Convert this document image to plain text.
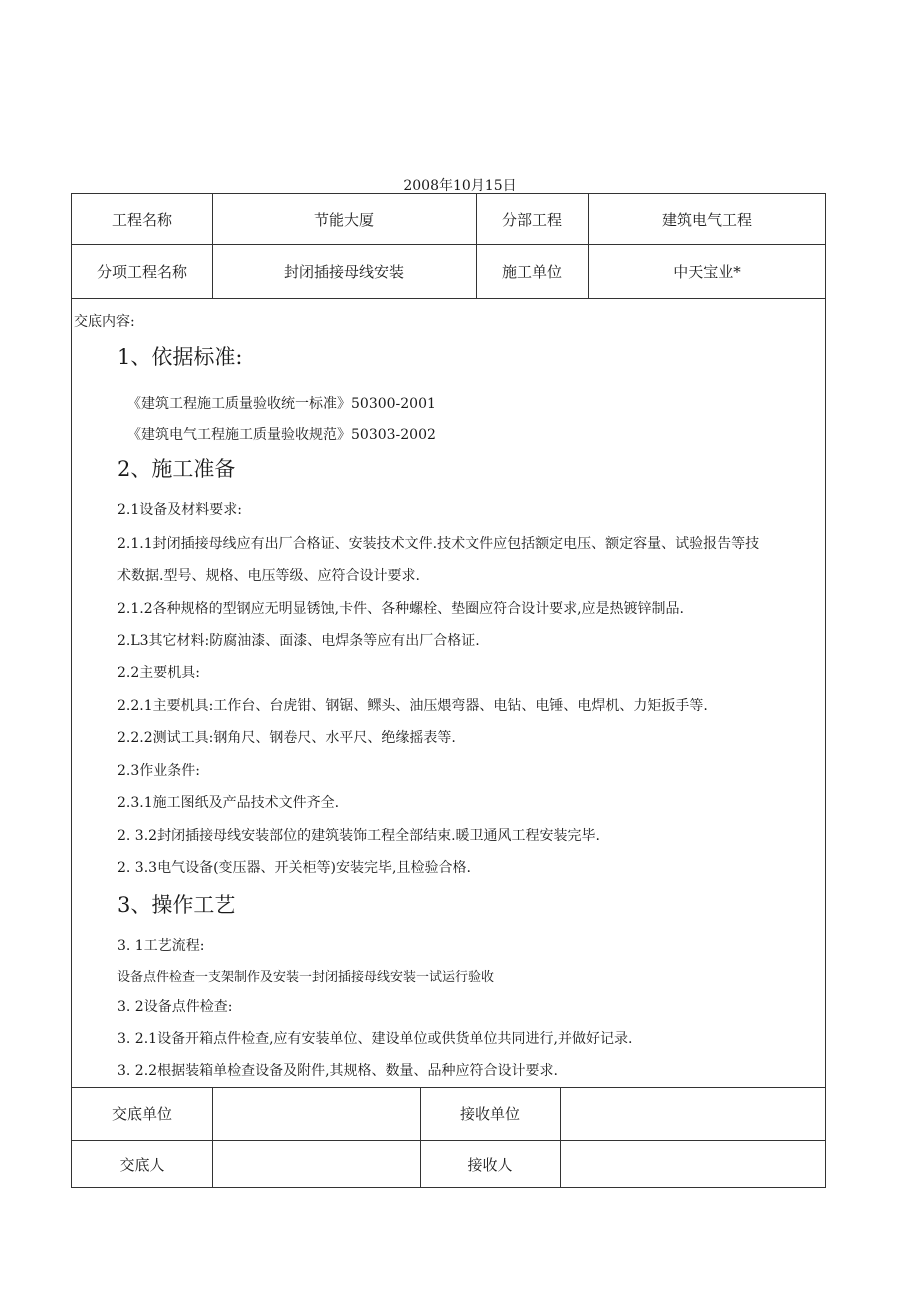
2008年10月15日
工程名称	节能大厦	分部工程	建筑电气工程
分项工程名称	封闭插接母线安装	施工单位	中天宝业*
交底内容:
1、依据标准:
《建筑工程施工质量验收统一标准》50300-2001
《建筑电气工程施工质量验收规范》50303-2002
2、施工准备
2.1设备及材料要求:
2.1.1封闭插接母线应有出厂合格证、安装技术文件.技术文件应包括额定电压、额定容量、试验报告等技
术数据.型号、规格、电压等级、应符合设计要求.
2.1.2各种规格的型钢应无明显锈蚀,卡件、各种螺栓、垫圈应符合设计要求,应是热镀锌制品.
2.L3其它材料:防腐油漆、面漆、电焊条等应有出厂合格证.
2.2主要机具:
2.2.1主要机具:工作台、台虎钳、钢锯、鳏头、油压煨弯器、电钻、电锤、电焊机、力矩扳手等.
2.2.2测试工具:钢角尺、钢卷尺、水平尺、绝缘摇表等.
2.3作业条件:
2.3.1施工图纸及产品技术文件齐全.
2. 3.2封闭插接母线安装部位的建筑装饰工程全部结束.暖卫通风工程安装完毕.
2. 3.3电气设备(变压器、开关柜等)安装完毕,且检验合格.
3、操作工艺
3. 1工艺流程:
设备点件检查一支架制作及安装一封闭插接母线安装一试运行验收
3. 2设备点件检查:
3. 2.1设备开箱点件检查,应有安装单位、建设单位或供货单位共同进行,并做好记录.
3. 2.2根据装箱单检查设备及附件,其规格、数量、品种应符合设计要求.
交底单位	接收单位
交底人	接收人
